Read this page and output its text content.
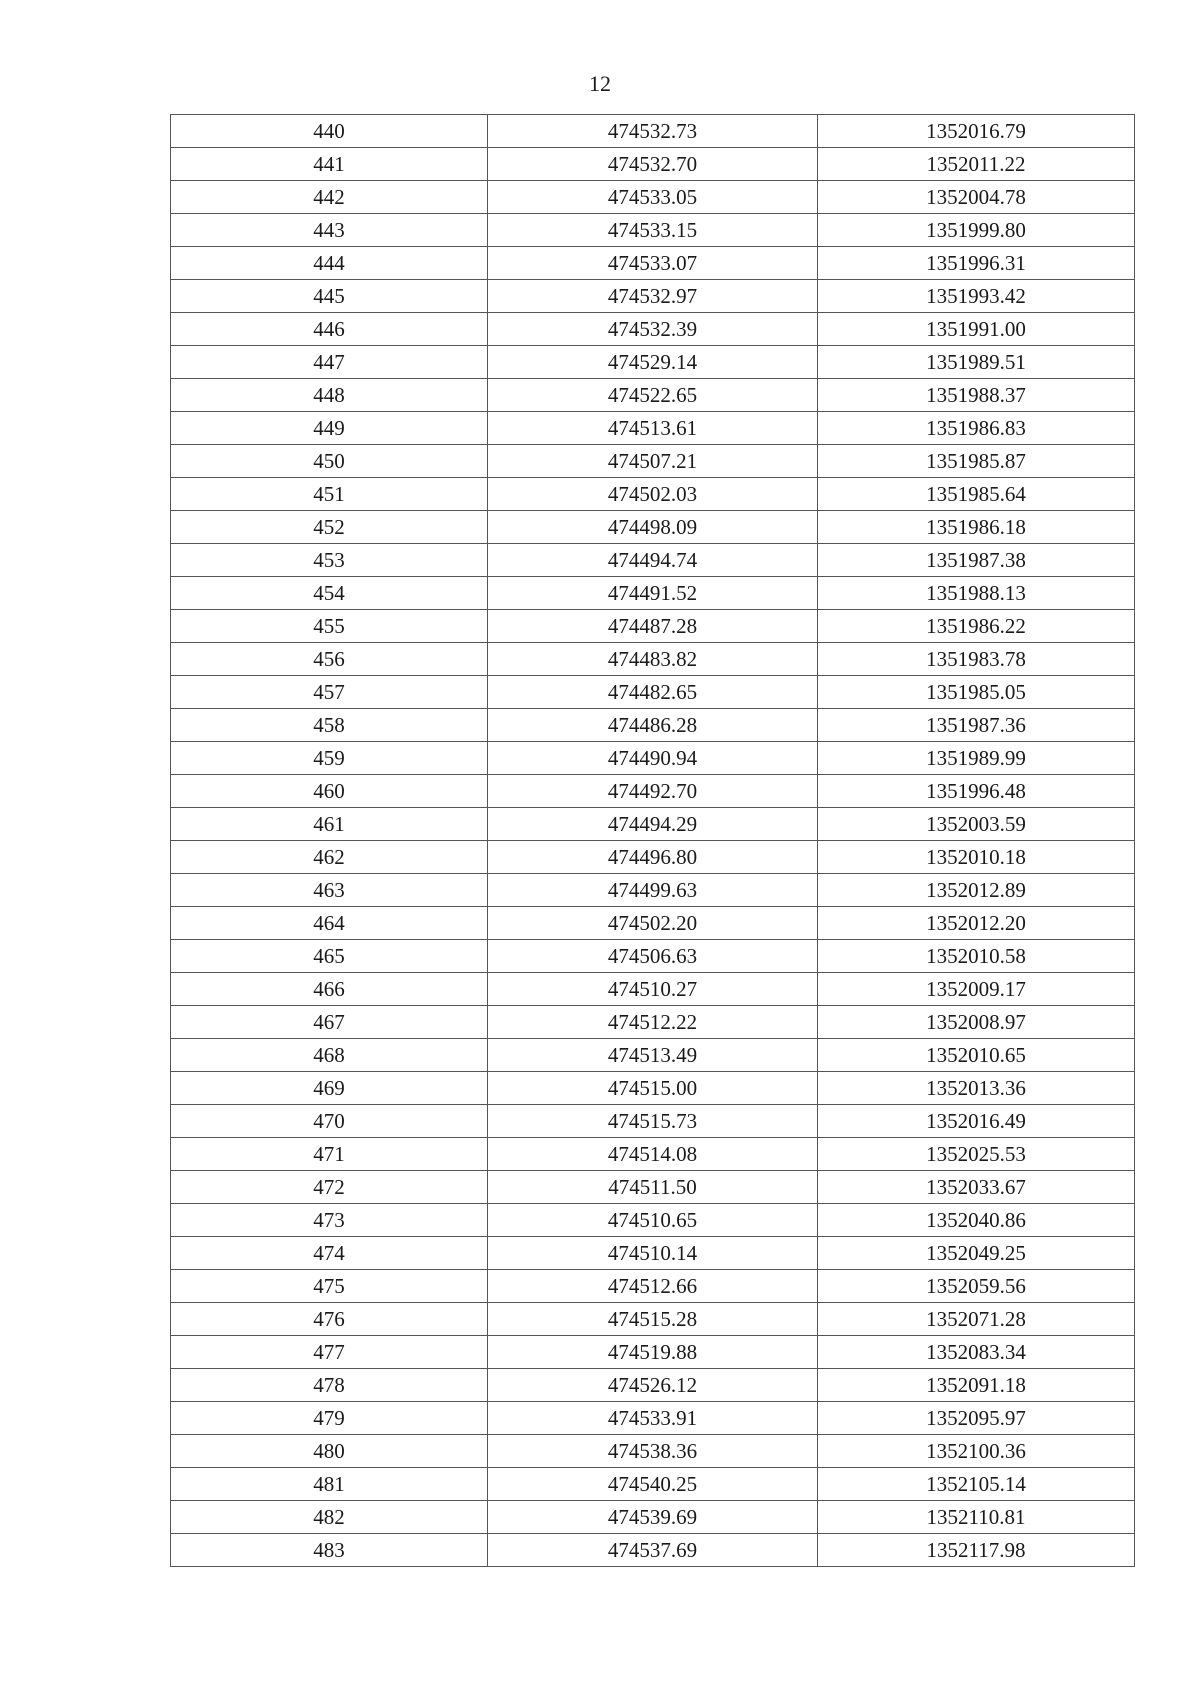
12
440	474532.73	1352016.79
441	474532.70	1352011.22
442	474533.05	1352004.78
443	474533.15	1351999.80
444	474533.07	1351996.31
445	474532.97	1351993.42
446	474532.39	1351991.00
447	474529.14	1351989.51
448	474522.65	1351988.37
449	474513.61	1351986.83
450	474507.21	1351985.87
451	474502.03	1351985.64
452	474498.09	1351986.18
453	474494.74	1351987.38
454	474491.52	1351988.13
455	474487.28	1351986.22
456	474483.82	1351983.78
457	474482.65	1351985.05
458	474486.28	1351987.36
459	474490.94	1351989.99
460	474492.70	1351996.48
461	474494.29	1352003.59
462	474496.80	1352010.18
463	474499.63	1352012.89
464	474502.20	1352012.20
465	474506.63	1352010.58
466	474510.27	1352009.17
467	474512.22	1352008.97
468	474513.49	1352010.65
469	474515.00	1352013.36
470	474515.73	1352016.49
471	474514.08	1352025.53
472	474511.50	1352033.67
473	474510.65	1352040.86
474	474510.14	1352049.25
475	474512.66	1352059.56
476	474515.28	1352071.28
477	474519.88	1352083.34
478	474526.12	1352091.18
479	474533.91	1352095.97
480	474538.36	1352100.36
481	474540.25	1352105.14
482	474539.69	1352110.81
483	474537.69	1352117.98
